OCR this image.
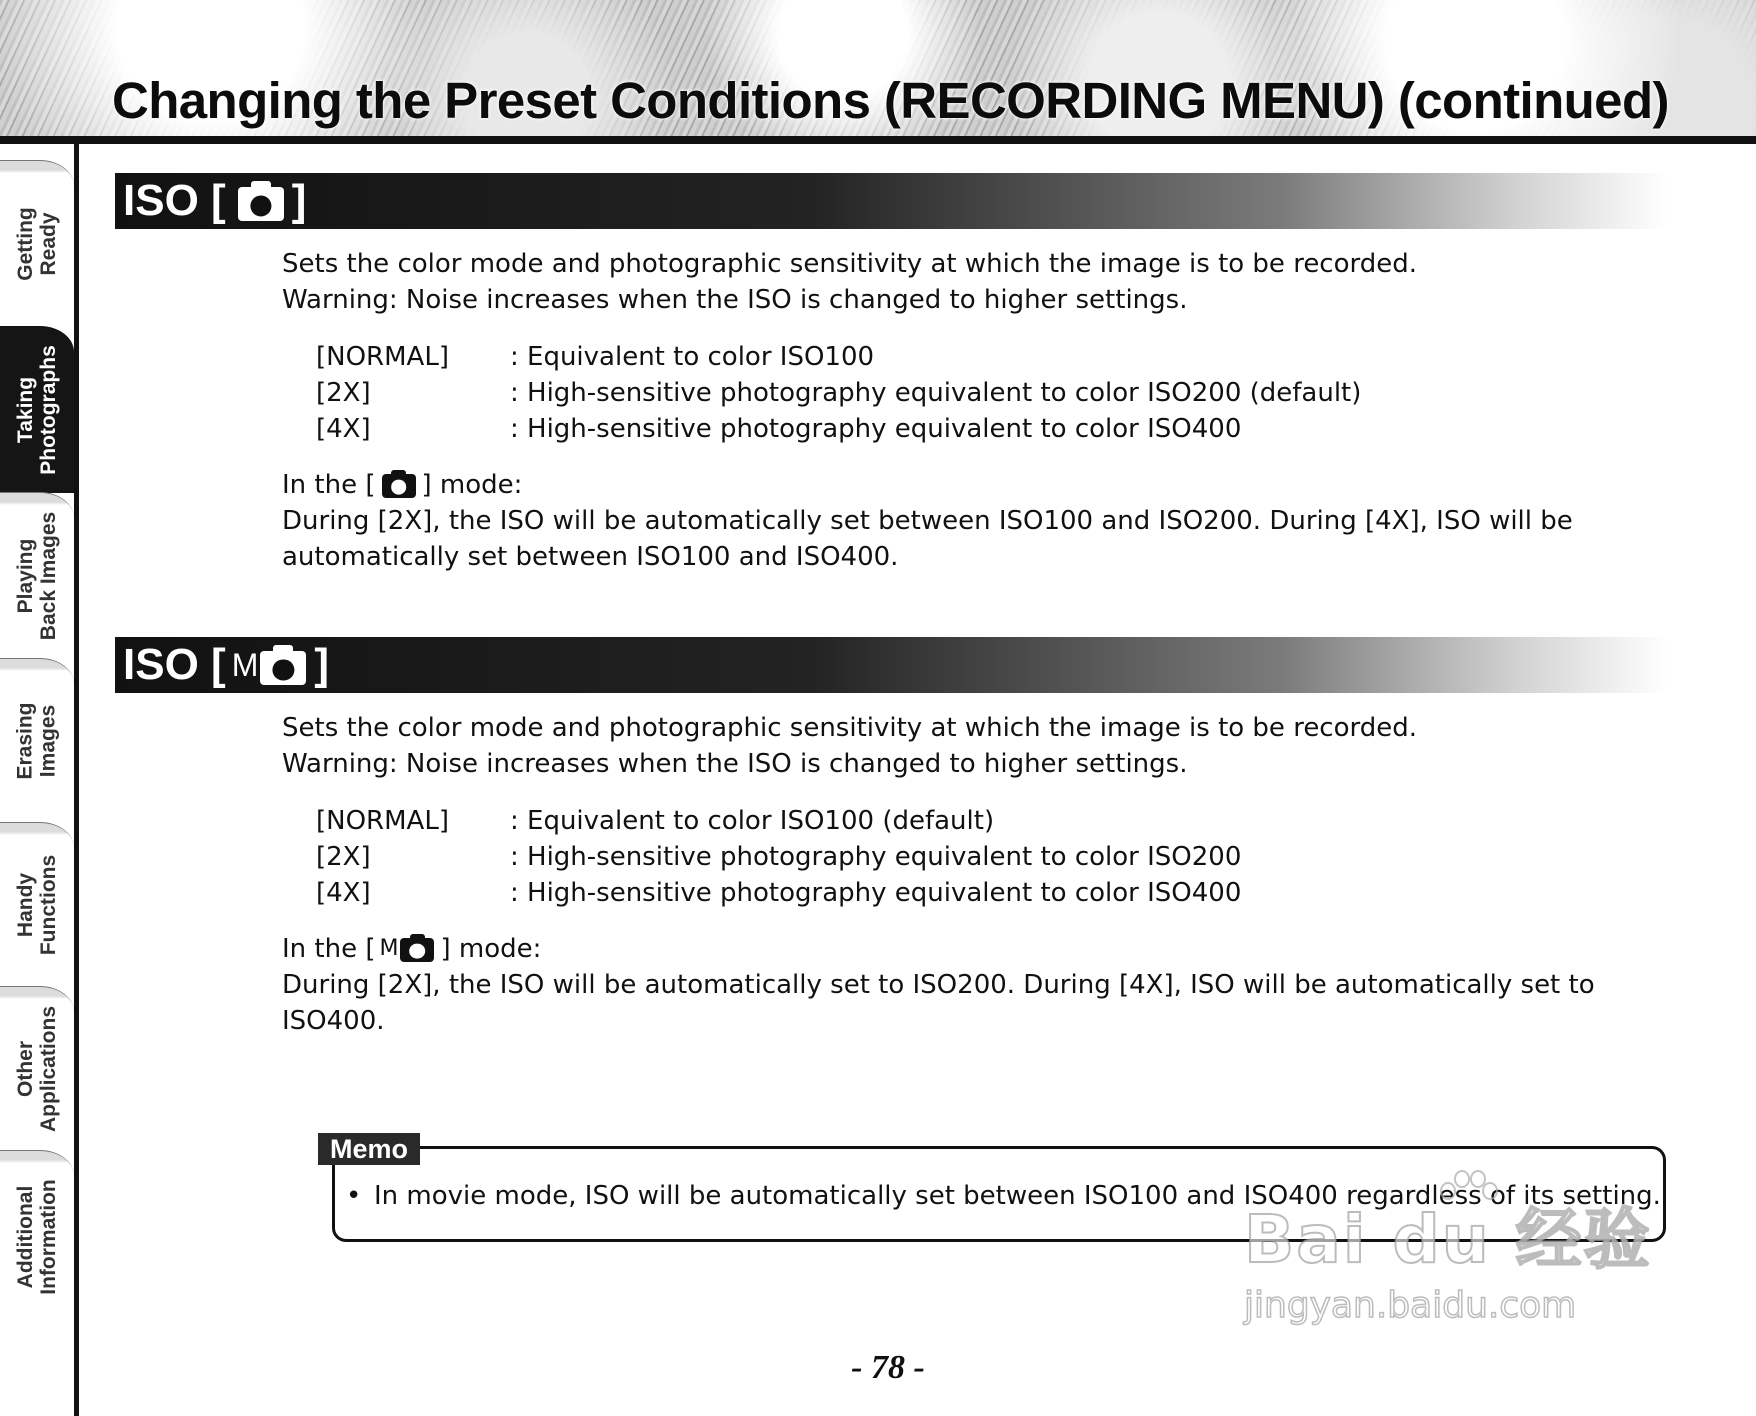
Changing the Preset Conditions (RECORDING MENU) (continued)
Getting
Ready
Taking
Photographs
Playing
Back Images
Erasing
Images
Handy
Functions
Other
Applications
Additional
Information
ISO [ ]

Sets the color mode and photographic sensitivity at which the image is to be recorded.

Warning: Noise increases when the ISO is changed to higher settings.

[NORMAL] : Equivalent to color ISO100
[2X]	: High-sensitive photography equivalent to color ISO200 (default)
[4X]	: High-sensitive photography equivalent to color ISO400
In the [ ] mode:

During [2X], the ISO will be automatically set between ISO100 and ISO200. During [4X], ISO will be

automatically set between ISO100 and ISO400.

ISO [ M ]

Sets the color mode and photographic sensitivity at which the image is to be recorded.

Warning: Noise increases when the ISO is changed to higher settings.

[NORMAL] : Equivalent to color ISO100 (default)
[2X]	: High-sensitive photography equivalent to color ISO200
[4X]	: High-sensitive photography equivalent to color ISO400
In the [ M ] mode:

During [2X], the ISO will be automatically set to ISO200. During [4X], ISO will be automatically set to

ISO400.

Memo
• In movie mode, ISO will be automatically set between ISO100 and ISO400 regardless of its setting.
Bai du 经验
jingyan.baidu.com
- 78 -
